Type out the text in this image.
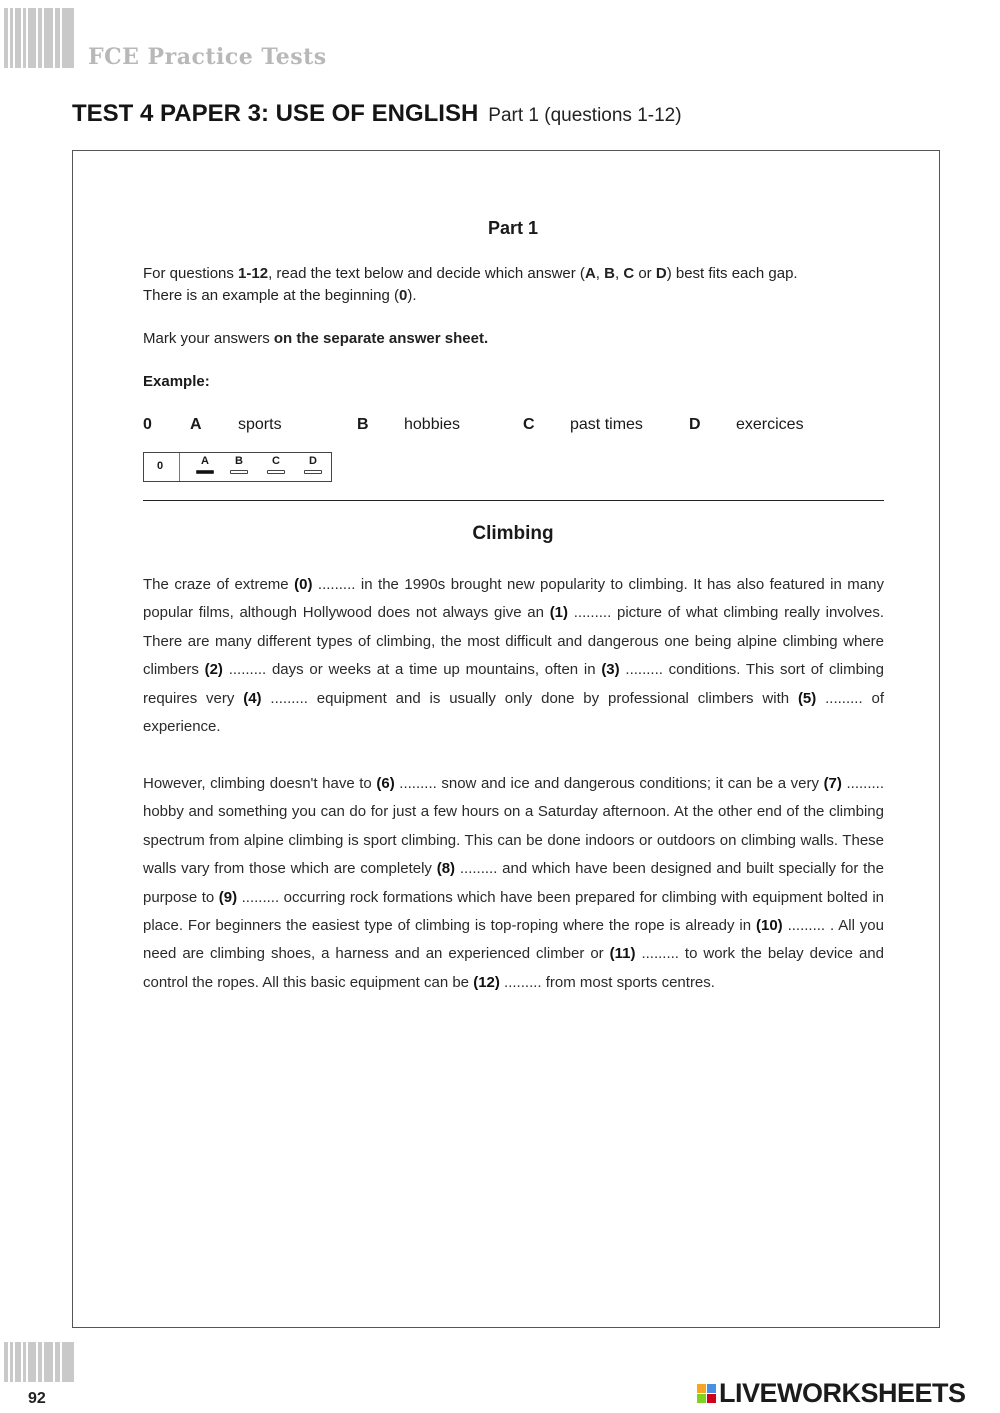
FCE Practice Tests
TEST 4 PAPER 3: USE OF ENGLISH Part 1 (questions 1-12)
Part 1
For questions 1-12, read the text below and decide which answer (A, B, C or D) best fits each gap.
There is an example at the beginning (0).
Mark your answers on the separate answer sheet.
Example:
0 A sports	B hobbies	C past times	D exercices
0	A	B	C	D
Climbing
The craze of extreme (0) ......... in the 1990s brought new popularity to climbing. It has also featured in many popular films, although Hollywood does not always give an (1) ......... picture of what climbing really involves. There are many different types of climbing, the most difficult and dangerous one being alpine climbing where climbers (2) ......... days or weeks at a time up mountains, often in (3) ......... conditions. This sort of climbing requires very (4) ......... equipment and is usually only done by professional climbers with (5) ......... of experience.
However, climbing doesn't have to (6) ......... snow and ice and dangerous conditions; it can be a very (7) ......... hobby and something you can do for just a few hours on a Saturday afternoon. At the other end of the climbing spectrum from alpine climbing is sport climbing. This can be done indoors or outdoors on climbing walls. These walls vary from those which are completely (8) ......... and which have been designed and built specially for the purpose to (9) ......... occurring rock formations which have been prepared for climbing with equipment bolted in place. For beginners the easiest type of climbing is top-roping where the rope is already in (10) ......... . All you need are climbing shoes, a harness and an experienced climber or (11) ......... to work the belay device and control the ropes. All this basic equipment can be (12) ......... from most sports centres.
92	LIVEWORKSHEETS
